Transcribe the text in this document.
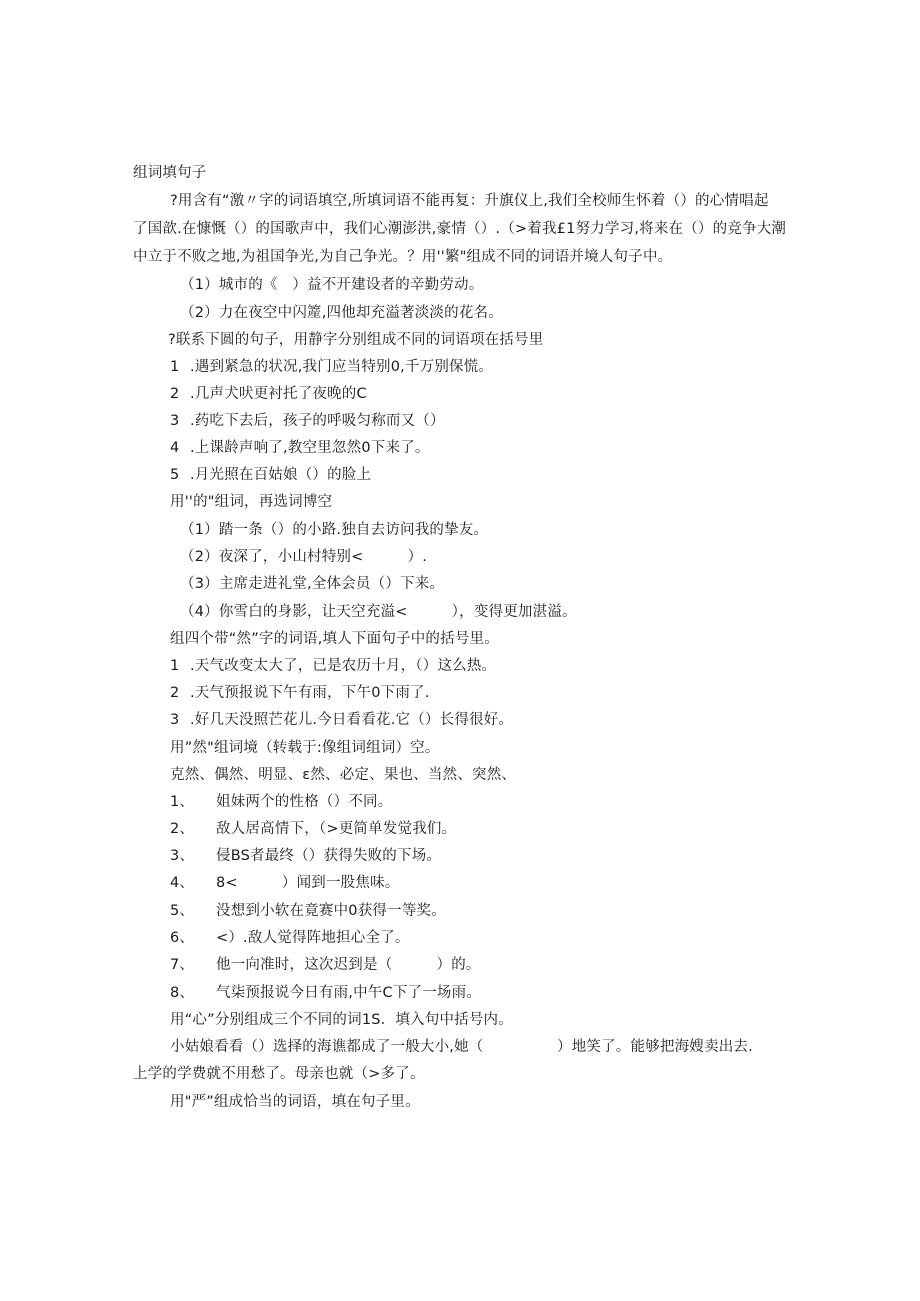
组词填句子
?用含有“激〃字的词语填空,所填词语不能再复：升旗仪上,我们全校师生怀着（）的心情唱起
了国歆.在慷慨（）的国歌声中，我们心潮澎洪,豪情（）.（>着我£1努力学习,将来在（）的竞争大潮
中立于不败之地,为祖国争光,为自己争光。？用''繁"组成不同的词语并境人句子中。
（1）城市的《　）益不开建设者的辛勤劳动。
（2）力在夜空中闪簅,四他却充溢著淡淡的花名。
?联系下圆的句子，用静字分别组成不同的词语项在括号里
1 .遇到紧急的状况,我门应当特别0,千万别保慌。
2 .几声犬吠更衬托了夜晚的C
3 .药吃下去后，孩子的呼吸匀称而又（）
4 .上课龄声响了,教空里忽然0下来了。
5 .月光照在百姑娘（）的脸上
用''的"组词，再选词博空
（1）踏一条（）的小路.独自去访问我的挚友。
（2）夜深了，小山村特别<　　　）.
（3）主席走进礼堂,全体会员（）下来。
（4）你雪白的身影，让天空充溢<　　　），变得更加湛溢。
组四个带“然”字的词语,填人下面句子中的括号里。
1 .天气改变太大了，已是农历十月，（）这么热。
2 .天气预报说下午有雨，下午0下雨了.
3 .好几天没照芒花儿.今日看看花.它（）长得很好。
用”然"组词境（转载于:像组词组词）空。
克然、偶然、明显、ε然、必定、果也、当然、突然、
1、 姐妹两个的性格（）不同。
2、 敌人居高情下，（>更简单发觉我们。
3、 侵BS者最终（）获得失败的下场。
4、 8<　　　）闻到一股焦味。
5、 没想到小软在竟赛中0获得一等奖。
6、 <）.敌人觉得阵地担心全了。
7、 他一向准时，这次迟到是（　　　）的。
8、 气柒预报说今日有雨,中午C下了一场雨。
用“心”分别组成三个不同的词1S．填入句中括号内。
小姑娘看看（）选择的海谯都成了一般大小,她（　　　　　）地笑了。能够把海嫂卖出去.
上学的学费就不用愁了。母亲也就（>多了。
用"严”组成恰当的词语，填在句子里。
